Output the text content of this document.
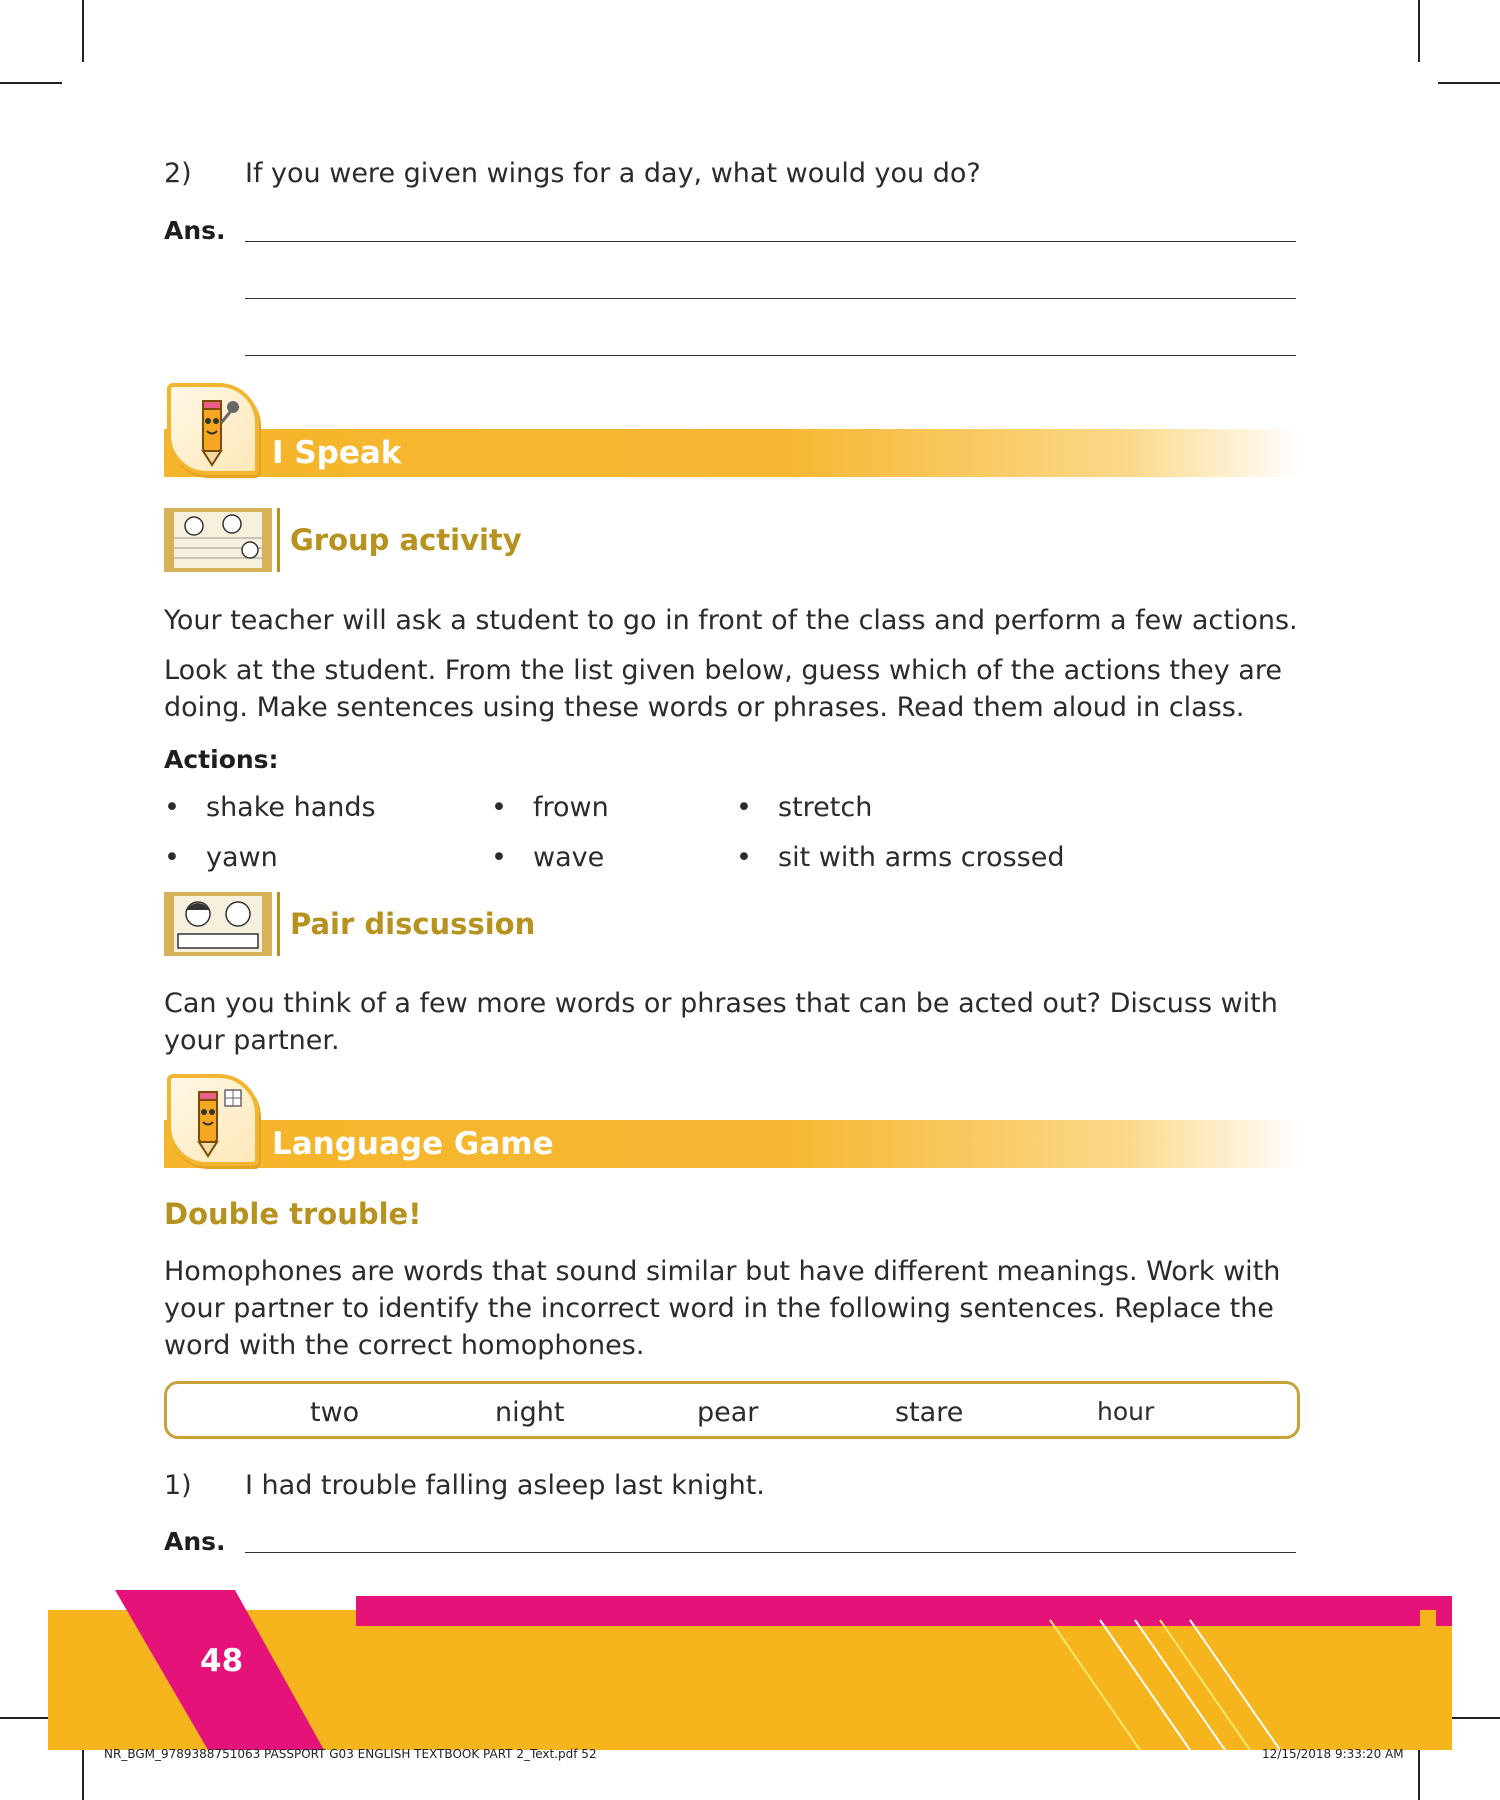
2) If you were given wings for a day, what would you do?
Ans.
I Speak
Group activity

Your teacher will ask a student to go in front of the class and perform a few actions.

Look at the student. From the list given below, guess which of the actions they are doing. Make sentences using these words or phrases. Read them aloud in class.

Actions:
• shake hands	• frown	• stretch
• yawn	• wave	• sit with arms crossed
Pair discussion
Can you think of a few more words or phrases that can be acted out? Discuss with your partner.
Language Game
Double trouble!
Homophones are words that sound similar but have different meanings. Work with your partner to identify the incorrect word in the following sentences. Replace the word with the correct homophones.
two	night	pear	stare	hour
1) I had trouble falling asleep last knight.
Ans.
48
NR_BGM_9789388751063 PASSPORT G03 ENGLISH TEXTBOOK PART 2_Text.pdf 52	12/15/2018 9:33:20 AM
